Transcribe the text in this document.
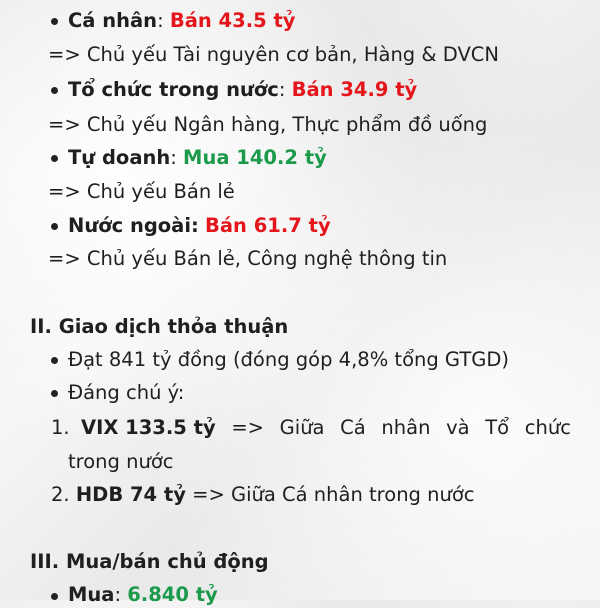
Cá nhân: Bán 43.5 tỷ
=> Chủ yếu Tài nguyên cơ bản, Hàng & DVCN
Tổ chức trong nước: Bán 34.9 tỷ
=> Chủ yếu Ngân hàng, Thực phẩm đồ uống
Tự doanh: Mua 140.2 tỷ
=> Chủ yếu Bán lẻ
Nước ngoài: Bán 61.7 tỷ
=> Chủ yếu Bán lẻ, Công nghệ thông tin
II. Giao dịch thỏa thuận
Đạt 841 tỷ đồng (đóng góp 4,8% tổng GTGD)
Đáng chú ý:
1. VIX 133.5 tỷ => Giữa Cá nhân và Tổ chức
trong nước
2. HDB 74 tỷ => Giữa Cá nhân trong nước
III. Mua/bán chủ động
Mua: 6.840 tỷ
